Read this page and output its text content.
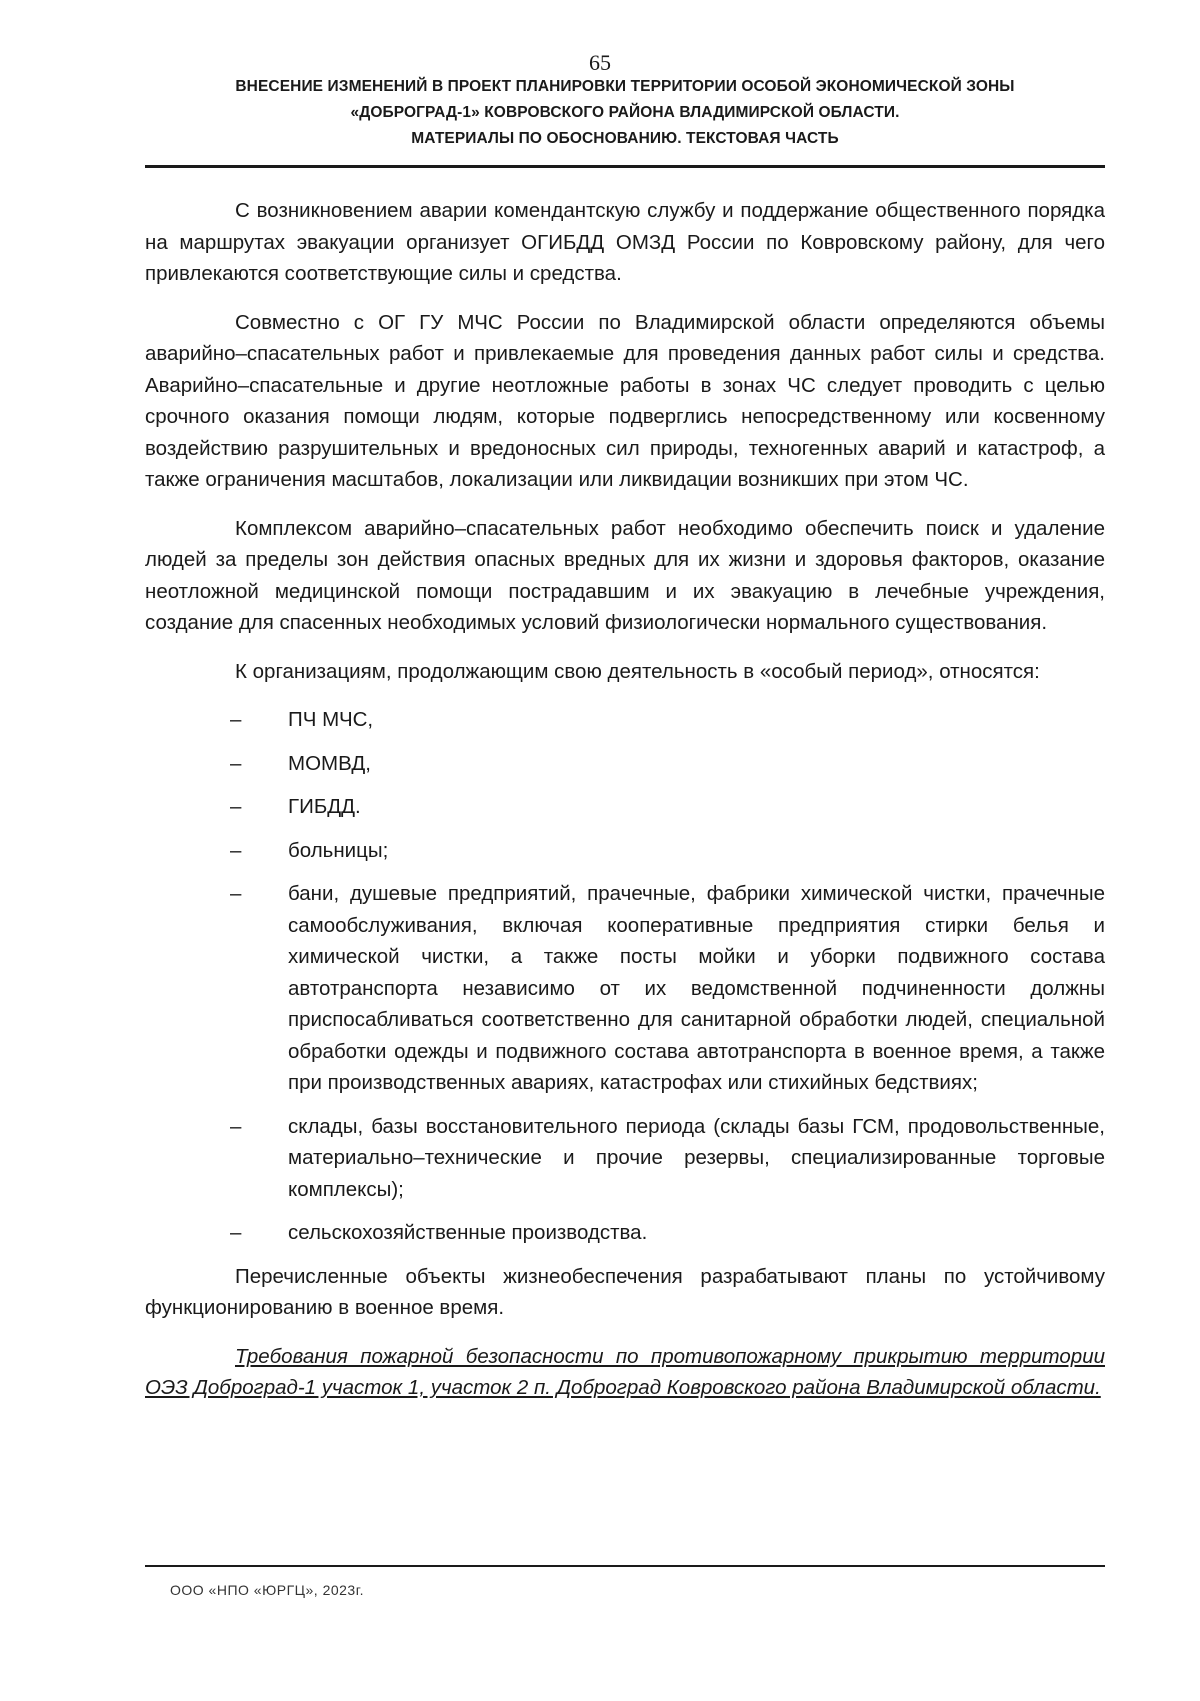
65
ВНЕСЕНИЕ ИЗМЕНЕНИЙ В ПРОЕКТ ПЛАНИРОВКИ ТЕРРИТОРИИ ОСОБОЙ ЭКОНОМИЧЕСКОЙ ЗОНЫ
«ДОБРОГРАД-1» КОВРОВСКОГО РАЙОНА ВЛАДИМИРСКОЙ ОБЛАСТИ.
МАТЕРИАЛЫ ПО ОБОСНОВАНИЮ. ТЕКСТОВАЯ ЧАСТЬ

С возникновением аварии комендантскую службу и поддержание общественного порядка на маршрутах эвакуации организует ОГИБДД ОМЗД России по Ковровскому району, для чего привлекаются соответствующие силы и средства.

Совместно с ОГ ГУ МЧС России по Владимирской области определяются объемы аварийно–спасательных работ и привлекаемые для проведения данных работ силы и средства. Аварийно–спасательные и другие неотложные работы в зонах ЧС следует проводить с целью срочного оказания помощи людям, которые подверглись непосредственному или косвенному воздействию разрушительных и вредоносных сил природы, техногенных аварий и катастроф, а также ограничения масштабов, локализации или ликвидации возникших при этом ЧС.

Комплексом аварийно–спасательных работ необходимо обеспечить поиск и удаление людей за пределы зон действия опасных вредных для их жизни и здоровья факторов, оказание неотложной медицинской помощи пострадавшим и их эвакуацию в лечебные учреждения, создание для спасенных необходимых условий физиологически нормального существования.

К организациям, продолжающим свою деятельность в «особый период», относятся:

– ПЧ МЧС,
– МОМВД,
– ГИБДД.
– больницы;
– бани, душевые предприятий, прачечные, фабрики химической чистки, прачечные самообслуживания, включая кооперативные предприятия стирки белья и химической чистки, а также посты мойки и уборки подвижного состава автотранспорта независимо от их ведомственной подчиненности должны приспосабливаться соответственно для санитарной обработки людей, специальной обработки одежды и подвижного состава автотранспорта в военное время, а также при производственных авариях, катастрофах или стихийных бедствиях;
– склады, базы восстановительного периода (склады базы ГСМ, продовольственные, материально–технические и прочие резервы, специализированные торговые комплексы);
– сельскохозяйственные производства.

Перечисленные объекты жизнеобеспечения разрабатывают планы по устойчивому функционированию в военное время.

Требования пожарной безопасности по противопожарному прикрытию территории ОЭЗ Доброград-1 участок 1, участок 2 п. Доброград Ковровского района Владимирской области.

ООО «НПО «ЮРГЦ», 2023г.
